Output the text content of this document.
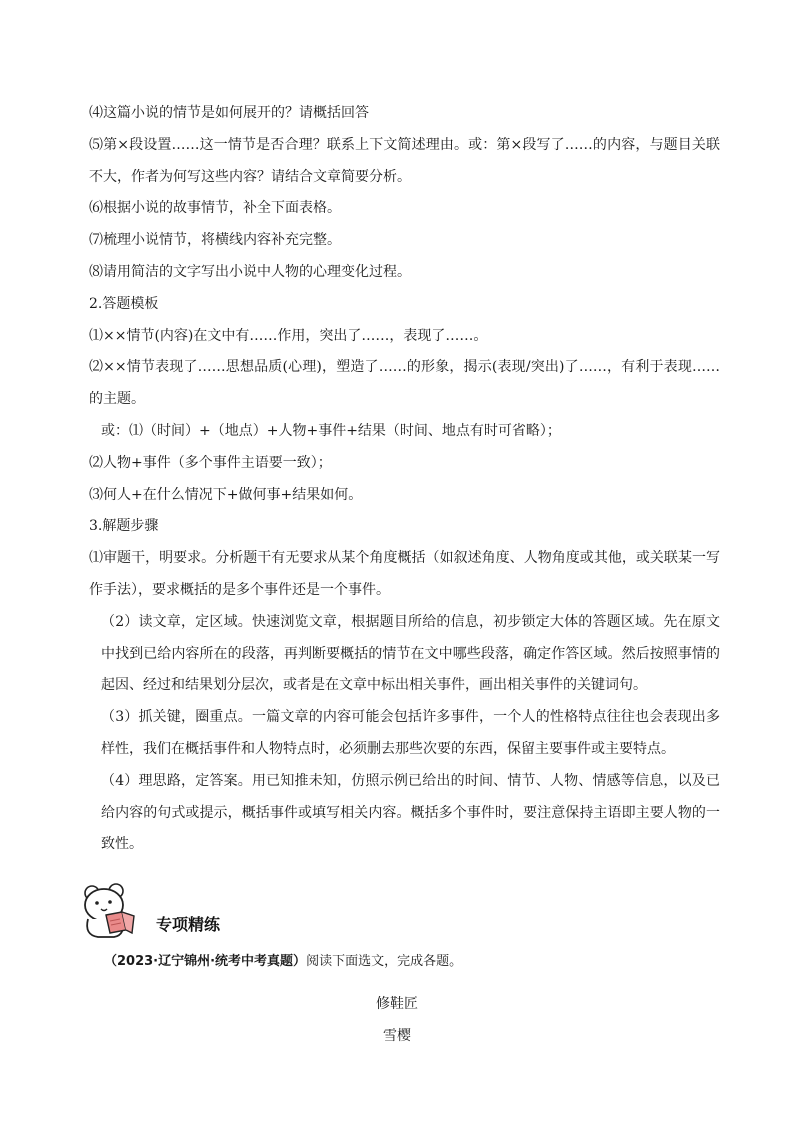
⑷这篇小说的情节是如何展开的？请概括回答

⑸第×段设置……这一情节是否合理？联系上下文简述理由。或：第×段写了……的内容，与题目关联不大，作者为何写这些内容？请结合文章简要分析。

⑹根据小说的故事情节，补全下面表格。

⑺梳理小说情节，将横线内容补充完整。

⑻请用简洁的文字写出小说中人物的心理变化过程。

2.答题模板

⑴××情节(内容)在文中有……作用，突出了……，表现了……。

⑵××情节表现了……思想品质(心理)，塑造了……的形象，揭示(表现/突出)了……，有利于表现……的主题。

或：⑴（时间）+（地点）+人物+事件+结果（时间、地点有时可省略）；

⑵人物+事件（多个事件主语要一致）；

⑶何人+在什么情况下+做何事+结果如何。

3.解题步骤

⑴审题干，明要求。分析题干有无要求从某个角度概括（如叙述角度、人物角度或其他，或关联某一写作手法），要求概括的是多个事件还是一个事件。

（2）读文章，定区域。快速浏览文章，根据题目所给的信息，初步锁定大体的答题区域。先在原文中找到已给内容所在的段落，再判断要概括的情节在文中哪些段落，确定作答区域。然后按照事情的起因、经过和结果划分层次，或者是在文章中标出相关事件，画出相关事件的关键词句。

（3）抓关键，圈重点。一篇文章的内容可能会包括许多事件，一个人的性格特点往往也会表现出多样性，我们在概括事件和人物特点时，必须删去那些次要的东西，保留主要事件或主要特点。

（4）理思路，定答案。用已知推未知，仿照示例已给出的时间、情节、人物、情感等信息，以及已给内容的句式或提示，概括事件或填写相关内容。概括多个事件时，要注意保持主语即主要人物的一致性。

专项精练

（2023·辽宁锦州·统考中考真题）阅读下面选文，完成各题。

修鞋匠

雪樱
